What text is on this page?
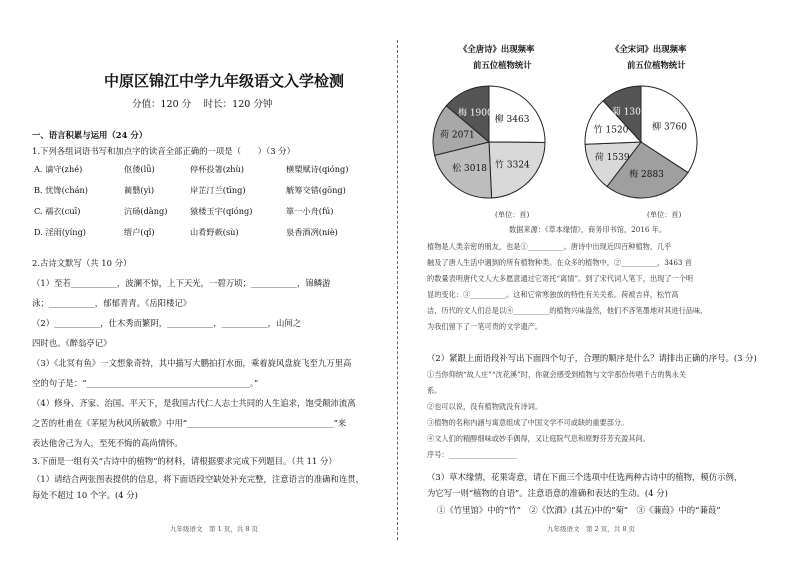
中原区锦江中学九年级语文入学检测
分值：120 分　 时长：120 分钟
一、语言积累与运用（24 分）
1.下列各组词语书写和加点字的读音全部正确的一项是（　　）（3 分）
A. 谪守(zhé)	伛偻(lǚ)	停杯投箸(zhù)	横槊赋诗(qióng)
B. 忧馋(chán)	蔺翳(yì)	岸芷汀兰(tīng)	觥筹交错(gōng)
C. 襦衣(cuī)	沆砀(dàng)	猿楼玉宇(qióng)	箪一小舟(fú)
D. 淫雨(yíng)	缙户(qǐ)	山肴野蔌(sù)	泉香酒冽(niè)
2.古诗文默写（共 10 分）
（1）至若___________，波澜不惊，上下天光，一碧万顷；___________，锦鳞游
泳；___________，郁郁青青。《岳阳楼记》
（2）___________，仕木秀而繁阴，___________，___________，山间之
四时也。《醉翁亭记》
（3）《北冥有鱼》一文想象奇特，其中描写大鹏拍打水面，乘着旋风盘旋飞至九万里高
空的句子是：“_______________________________________。”
（4）修身、齐家、治国、平天下，是我国古代仁人志士共同的人生追求，饱受颠沛流离
之苦的杜甫在《茅屋为秋风所破歌》中用“___________________________________”来
表达他舍己为人，至死不悔的高尚情怀。
3.下面是一组有关“古诗中的植物”的材料，请根据要求完成下列题目。（共 11 分）
（1）请结合两张图表提供的信息，将下面语段空缺处补充完整，注意语言的准确和连贯，
每处不超过 10 个字。(4 分)
九年级语文　第 1 页，共 8 页
《全唐诗》出现频率
前五位植物统计
《全宋词》出现频率
前五位植物统计
柳 3463
竹 3324
松 3018
荷 2071
梅 1900
柳 3760
梅 2883
荷 1539
竹 1520
菊 1300
(单位：首)	(单位：首)
数据来源：《草本缘情》，商务印书馆，2016 年。
植物是人类亲密的朋友，也是①__________。唐诗中出现近四百种植物，几乎
触及了唐人生活中遇到的所有植物种类。在众多的植物中，②__________，3463 首
的数量表明唐代文人大多愿意通过它寄托“离情”。到了宋代词人笔下，出现了一个明
显的变化：③__________。这和它常寒独放的特性有关关系。荷被吉祥，松竹高
洁，历代的文人们总是以④__________的植物兴味盎然，他们不吝笔墨地对其进行品味，
为我们留下了一笔可贵的文学遗产。
（2）紧跟上面语段补写出下面四个句子，合理的顺序是什么？请排出正确的序号。(3 分)
①当你仰纳“故人庄”“沈花溪”时，你就会感受到植物与文学那份传唱千古的隽永关
系。
②也可以说，没有植物就没有诗词。
③植物的名称内涵与寓意组成了中国文学不可或缺的重要部分。
④文人们的精醇细味或妙手偶得，又让庭院气息和原野芬芳充盈其间。
序号：___________________
（3）草木缘情，花果寄意，请在下面三个选项中任选两种古诗中的植物，模仿示例，
为它写一则“植物的自语”。注意语意的准确和表达的生动。(4 分)
①《竹里馆》中的“竹”　②《饮酒》(其五)中的“菊”　③《蒹葭》中的“蒹葭”
九年级语文　第 2 页，共 8 页
